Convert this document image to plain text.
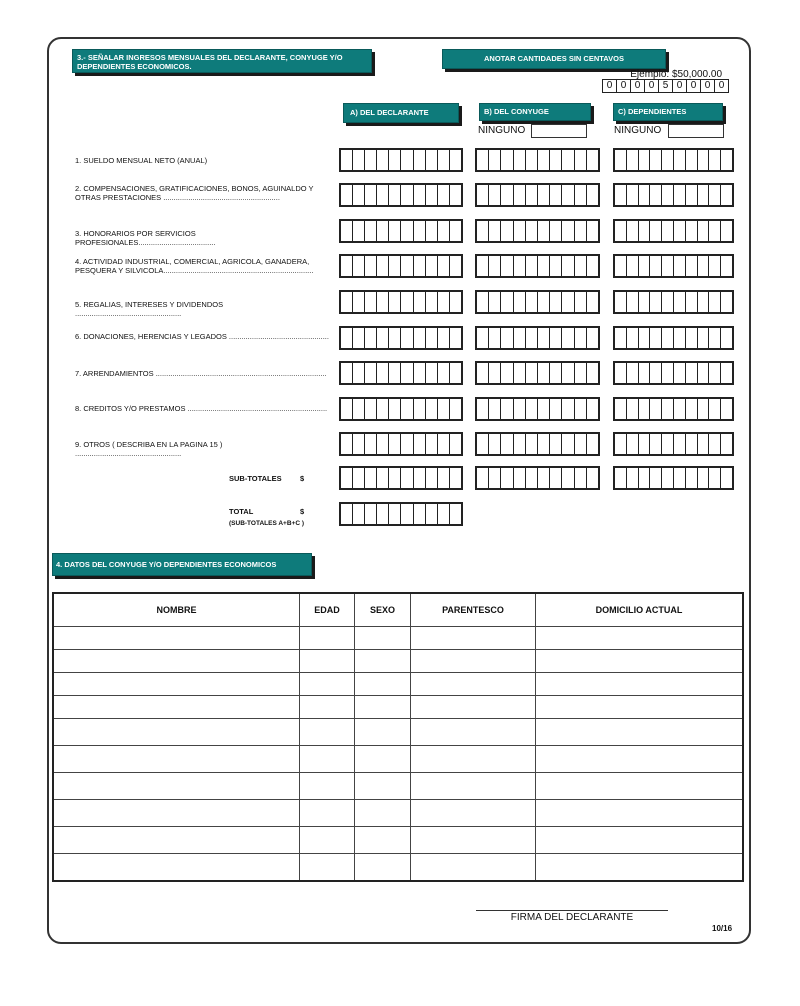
3.- SEÑALAR INGRESOS MENSUALES DEL DECLARANTE, CONYUGE Y/O DEPENDIENTES ECONOMICOS.
ANOTAR CANTIDADES SIN CENTAVOS
Ejemplo: $50,000.00
0 0 0 0 5 0 0 0 0
A) DEL DECLARANTE	B) DEL CONYUGE	C) DEPENDIENTES
NINGUNO	NINGUNO
1. SUELDO MENSUAL NETO (ANUAL)
2. COMPENSACIONES, GRATIFICACIONES, BONOS, AGUINALDO Y OTRAS PRESTACIONES ........................................................
3. HONORARIOS POR SERVICIOS PROFESIONALES.....................................
4. ACTIVIDAD INDUSTRIAL, COMERCIAL, AGRICOLA, GANADERA, PESQUERA Y SILVICOLA........................................................................
5. REGALIAS, INTERESES Y DIVIDENDOS ...................................................
6. DONACIONES, HERENCIAS Y LEGADOS ................................................
7. ARRENDAMIENTOS ..................................................................................
8. CREDITOS Y/O PRESTAMOS ...................................................................
9. OTROS ( DESCRIBA EN LA PAGINA 15 ) ...................................................
SUB-TOTALES $
TOTAL	$
(SUB-TOTALES A+B+C )
4. DATOS DEL CONYUGE Y/O DEPENDIENTES ECONOMICOS
NOMBRE	EDAD	SEXO	PARENTESCO	DOMICILIO ACTUAL

FIRMA DEL DECLARANTE
10/16
